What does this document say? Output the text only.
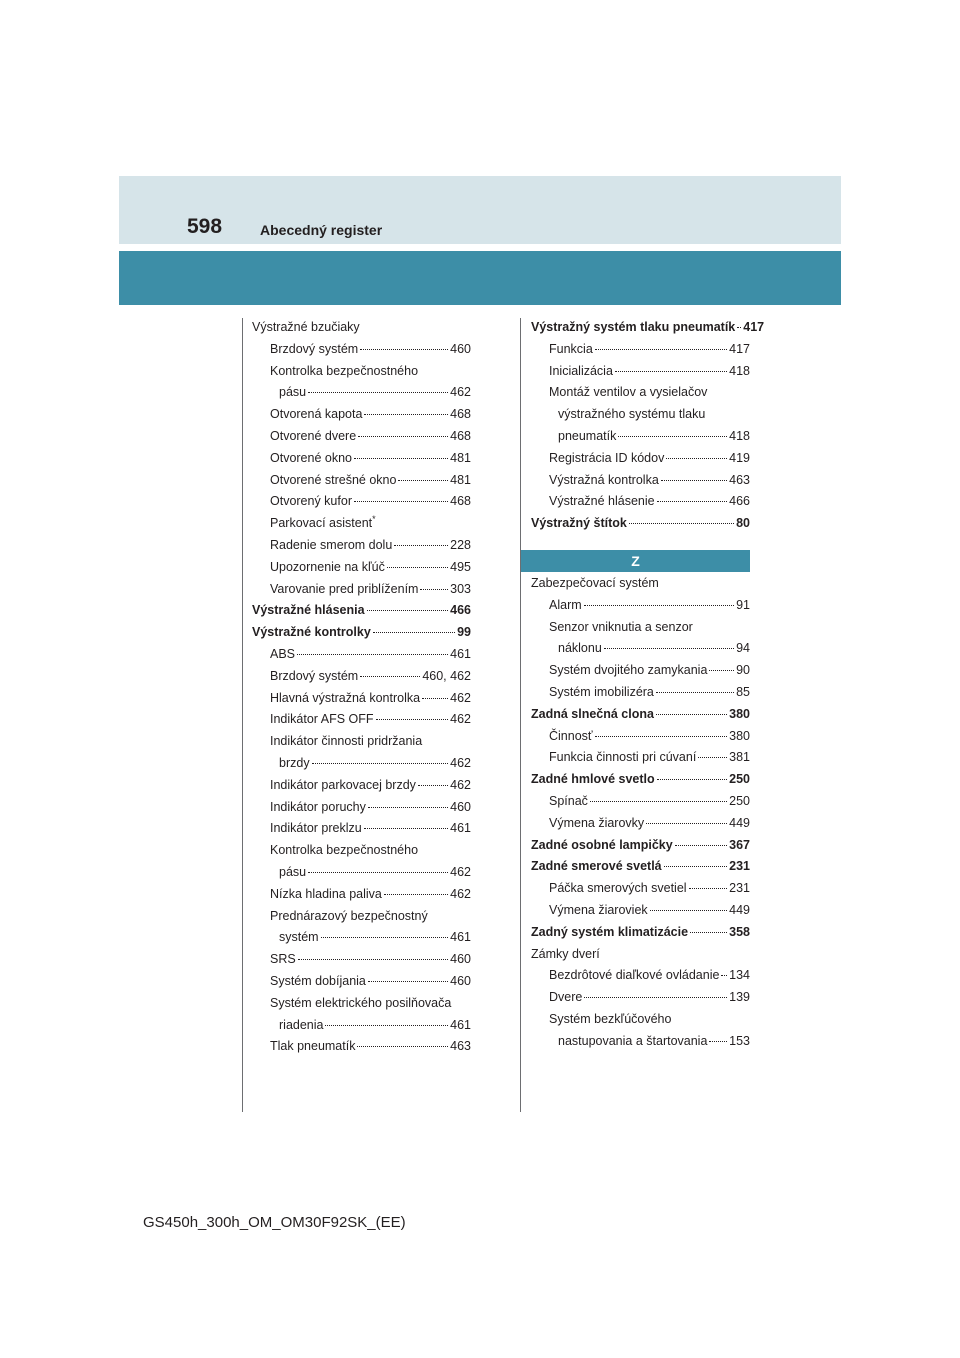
598	Abecedný register
Výstražné bzučiaky
Brzdový systém	460
Kontrolka bezpečnostného
pásu	462
Otvorená kapota	468
Otvorené dvere	468
Otvorené okno	481
Otvorené strešné okno	481
Otvorený kufor	468
Parkovací asistent*
Radenie smerom dolu	228
Upozornenie na kľúč	495
Varovanie pred priblížením	303
Výstražné hlásenia	466
Výstražné kontrolky	99
ABS	461
Brzdový systém	460, 462
Hlavná výstražná kontrolka 462
Indikátor AFS OFF	462
Indikátor činnosti pridržania
brzdy	462
Indikátor parkovacej brzdy	462
Indikátor poruchy	460
Indikátor preklzu	461
Kontrolka bezpečnostného
pásu	462
Nízka hladina paliva	462
Prednárazový bezpečnostný
systém	461
SRS	460
Systém dobíjania	460
Systém elektrického posilňovača
riadenia	461
Tlak pneumatík	463
Výstražný systém tlaku pneumatík 417
Funkcia	417
Inicializácia	418
Montáž ventilov a vysielačov
výstražného systému tlaku
pneumatík	418
Registrácia ID kódov	419
Výstražná kontrolka	463
Výstražné hlásenie	466
Výstražný štítok	80
Z
Zabezpečovací systém
Alarm	91
Senzor vniknutia a senzor
náklonu	94
Systém dvojitého zamykania 90
Systém imobilizéra	85
Zadná slnečná clona	380
Činnosť	380
Funkcia činnosti pri cúvaní	381
Zadné hmlové svetlo	250
Spínač	250
Výmena žiarovky	449
Zadné osobné lampičky	367
Zadné smerové svetlá	231
Páčka smerových svetiel	231
Výmena žiaroviek	449
Zadný systém klimatizácie	358
Zámky dverí
Bezdrôtové diaľkové ovládanie 134
Dvere	139
Systém bezkľúčového
nastupovania a štartovania 153
GS450h_300h_OM_OM30F92SK_(EE)
